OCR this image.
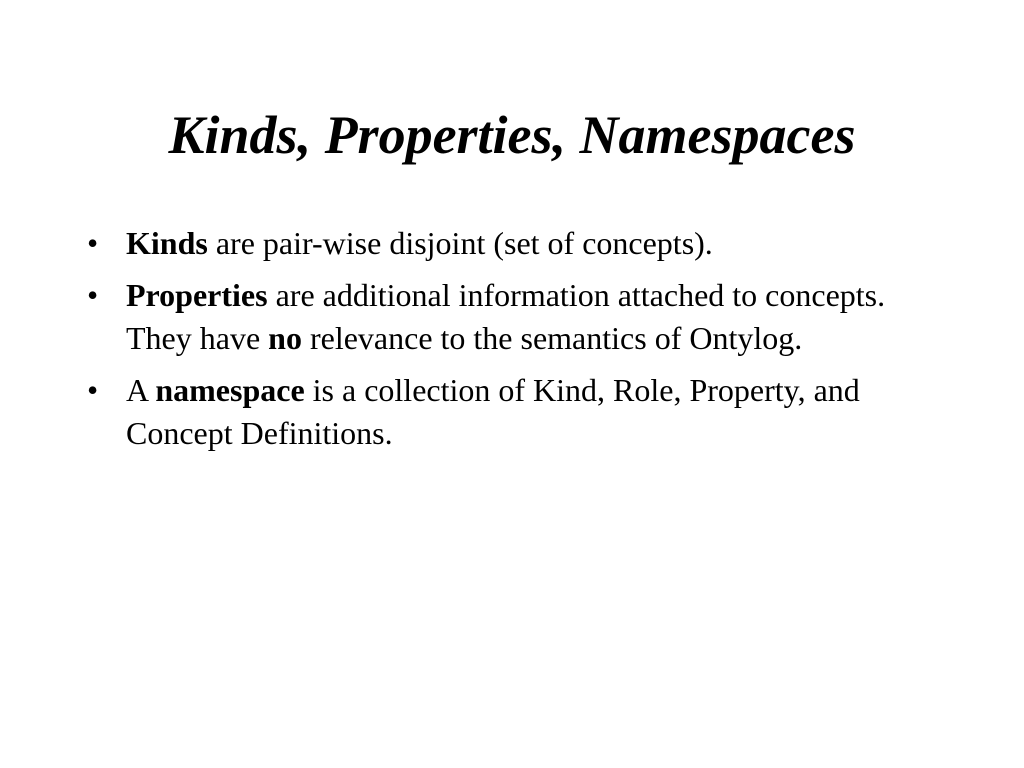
Kinds, Properties, Namespaces
• Kinds are pair-wise disjoint (set of concepts).
• Properties are additional information attached to concepts. They have no relevance to the semantics of Ontylog.
• A namespace is a collection of Kind, Role, Property, and Concept Definitions.
